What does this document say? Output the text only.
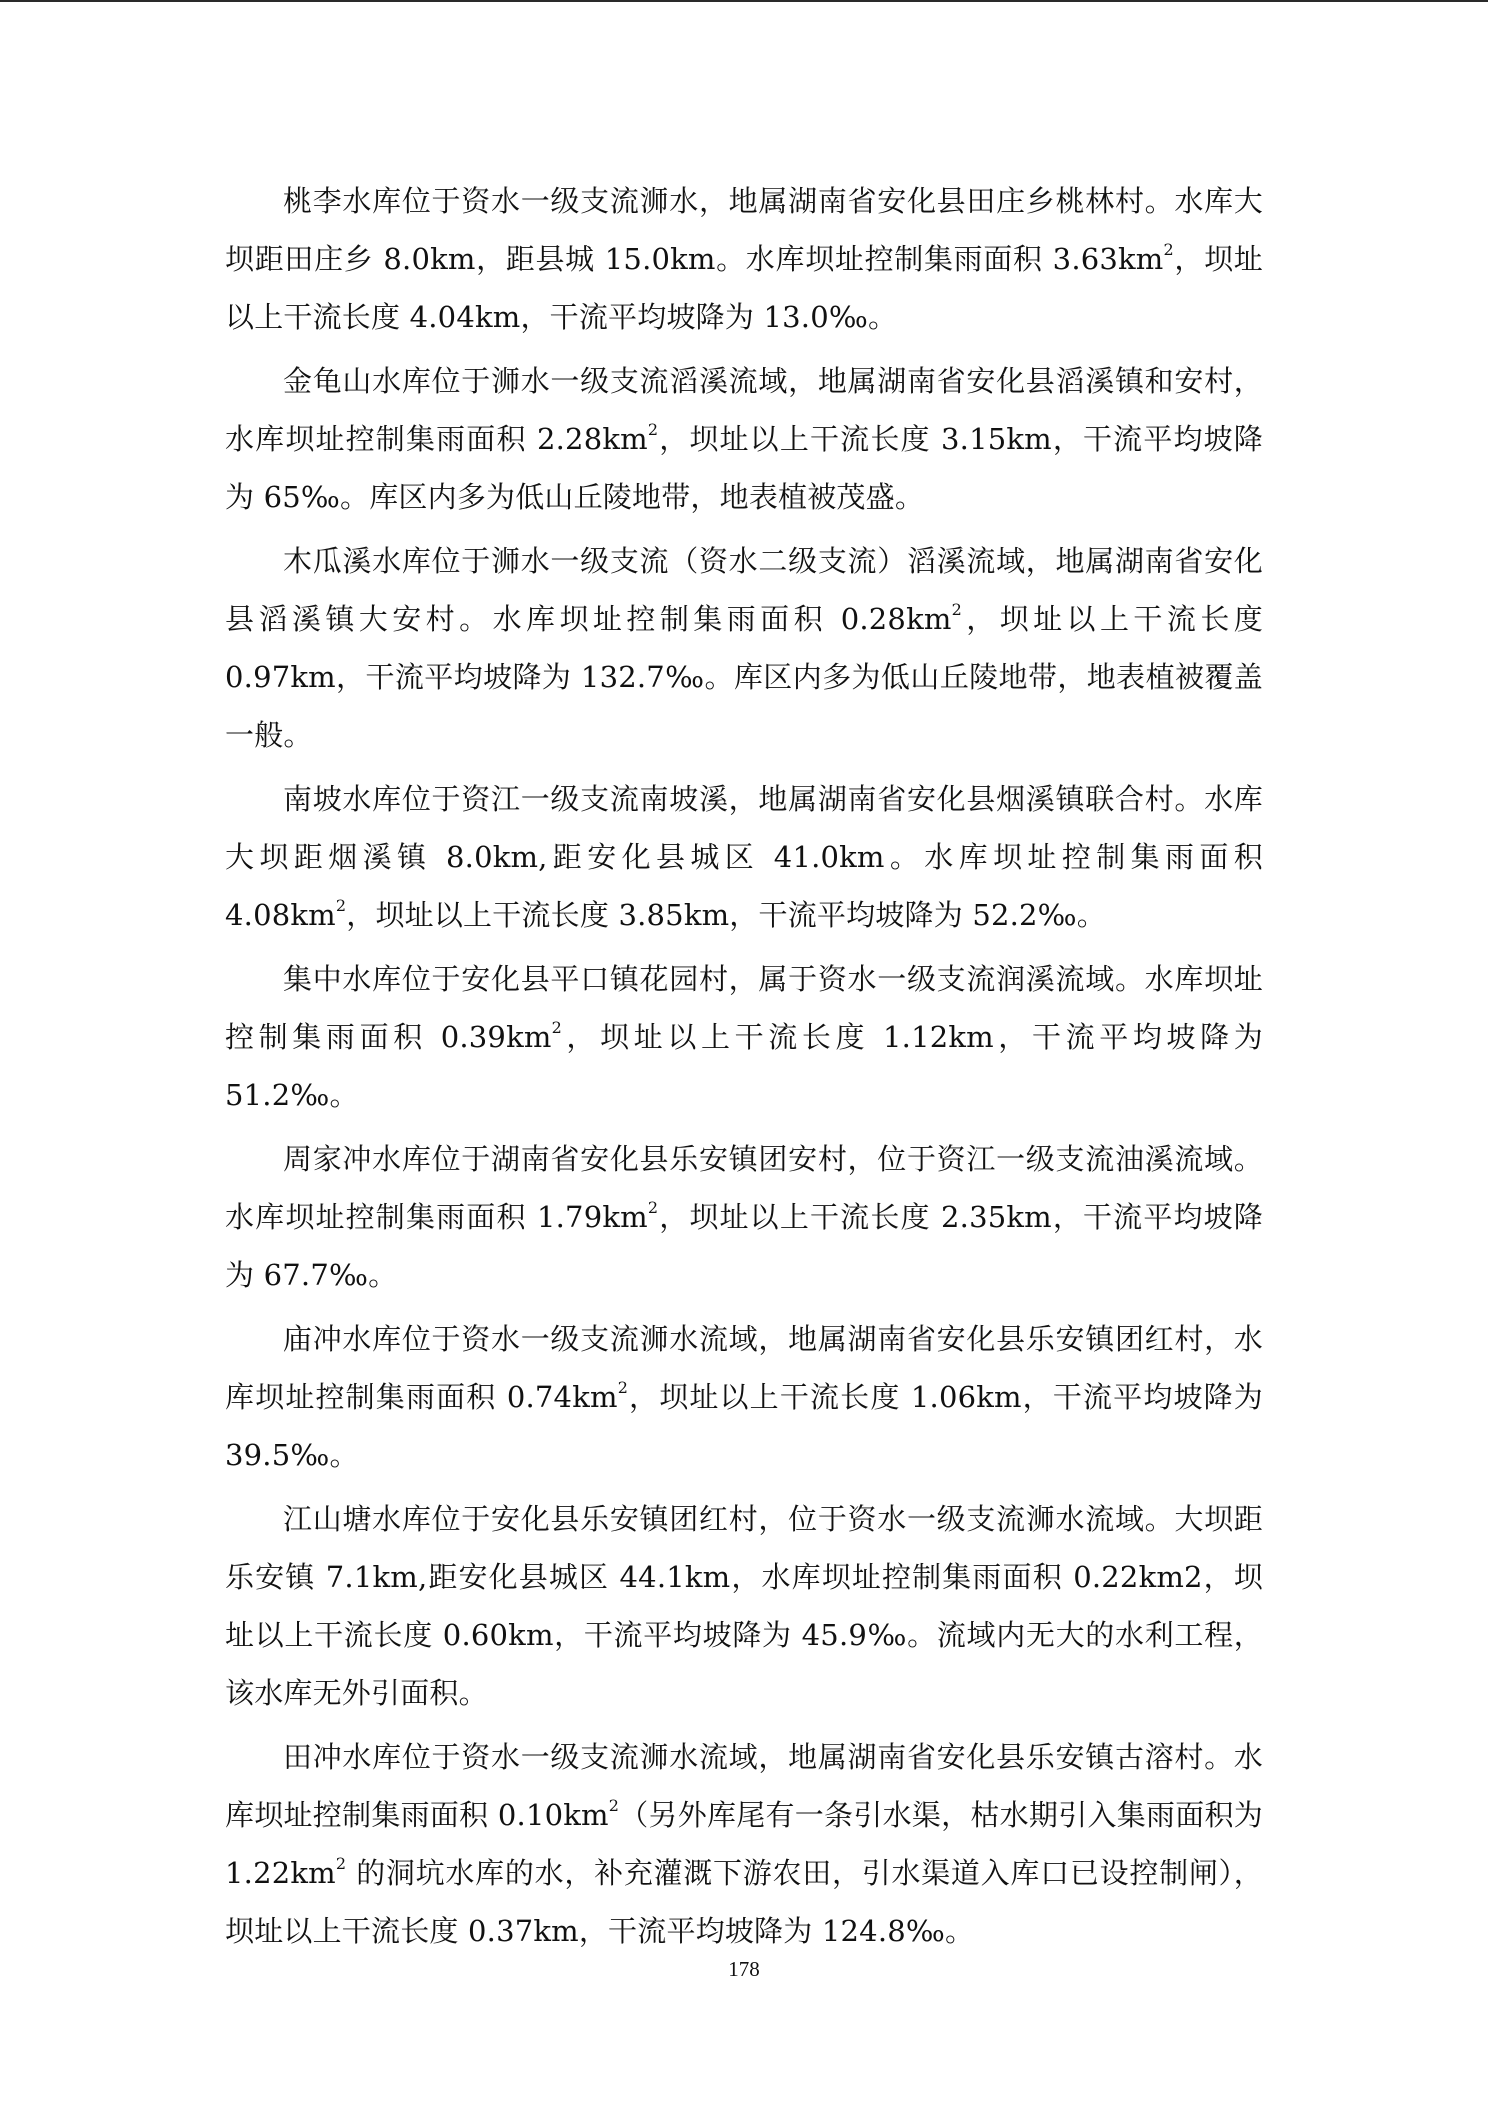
桃李水库位于资水一级支流浉水，地属湖南省安化县田庄乡桃林村。水库大坝距田庄乡 8.0km，距县城 15.0km。水库坝址控制集雨面积 $3.63km^2$，坝址以上干流长度 4.04km，干流平均坡降为 13.0‰。

金龟山水库位于浉水一级支流滔溪流域，地属湖南省安化县滔溪镇和安村，水库坝址控制集雨面积 $2.28km^2$，坝址以上干流长度 3.15km，干流平均坡降为 65‰。库区内多为低山丘陵地带，地表植被茂盛。

木瓜溪水库位于浉水一级支流（资水二级支流）滔溪流域，地属湖南省安化县滔溪镇大安村。水库坝址控制集雨面积 $0.28km^2$，坝址以上干流长度 0.97km，干流平均坡降为 132.7‰。库区内多为低山丘陵地带，地表植被覆盖一般。

南坡水库位于资江一级支流南坡溪，地属湖南省安化县烟溪镇联合村。水库大坝距烟溪镇 8.0km,距安化县城区 41.0km。水库坝址控制集雨面积 $4.08km^2$，坝址以上干流长度 3.85km，干流平均坡降为 52.2‰。

集中水库位于安化县平口镇花园村，属于资水一级支流润溪流域。水库坝址控制集雨面积 $0.39km^2$，坝址以上干流长度 1.12km，干流平均坡降为 51.2‰。

周家冲水库位于湖南省安化县乐安镇团安村，位于资江一级支流油溪流域。水库坝址控制集雨面积 $1.79km^2$，坝址以上干流长度 2.35km，干流平均坡降为 67.7‰。

庙冲水库位于资水一级支流浉水流域，地属湖南省安化县乐安镇团红村，水库坝址控制集雨面积 $0.74km^2$，坝址以上干流长度 1.06km，干流平均坡降为 39.5‰。

江山塘水库位于安化县乐安镇团红村，位于资水一级支流浉水流域。大坝距乐安镇 7.1km,距安化县城区 44.1km，水库坝址控制集雨面积 0.22km2，坝址以上干流长度 0.60km，干流平均坡降为 45.9‰。流域内无大的水利工程，该水库无外引面积。

田冲水库位于资水一级支流浉水流域，地属湖南省安化县乐安镇古溶村。水库坝址控制集雨面积 $0.10km^2$（另外库尾有一条引水渠，枯水期引入集雨面积为 $1.22km^2$ 的洞坑水库的水，补充灌溉下游农田，引水渠道入库口已设控制闸），坝址以上干流长度 0.37km，干流平均坡降为 124.8‰。

178
